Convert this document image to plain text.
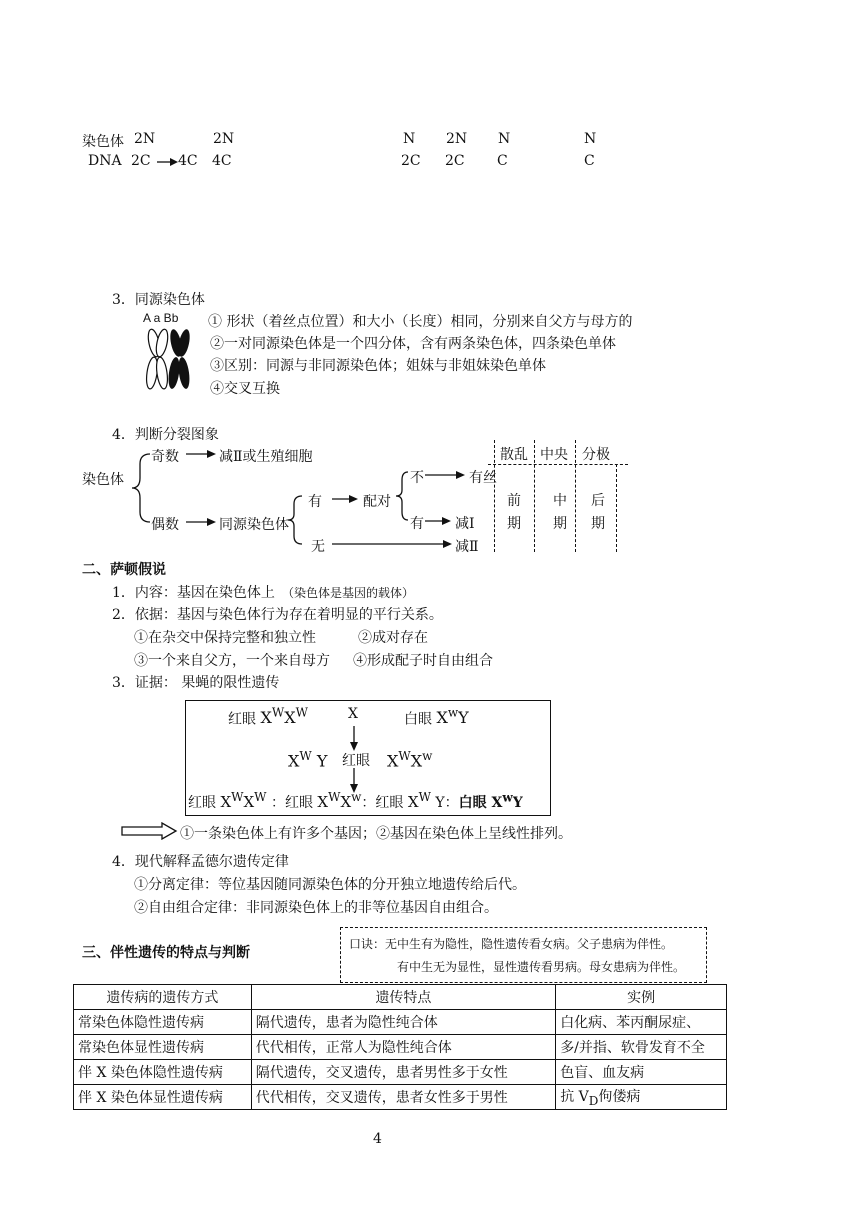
染色体 2N	2N	N 2N N	N
DNA 2C 4C 4C	2C 2C C	C
3．同源染色体
A a Bb ① 形状（着丝点位置）和大小（长度）相同，分别来自父方与母方的
②一对同源染色体是一个四分体，含有两条染色体，四条染色单体
③区别：同源与非同源染色体；姐妹与非姐妹染色单体
④交叉互换
4．判断分裂图象
染色体
奇数	减Ⅱ或生殖细胞
偶数	同源染色体
有	配对
不	有丝
有 减Ⅰ
无	减Ⅱ
散乱 中央 分极
前
期
中
期
后
期
二、萨顿假说
1．内容：基因在染色体上 （染色体是基因的载体）
2．依据：基因与染色体行为存在着明显的平行关系。
①在杂交中保持完整和独立性	②成对存在
③一个来自父方，一个来自母方 ④形成配子时自由组合
3．证据： 果蝇的限性遗传
红眼 $X^WX^W$	X	白眼 $X^wY$
$X^W$ Y 红眼 $X^WX^w$
红眼 $X^WX^W$ ：红眼 $X^WX^w$：红眼 $X^W$ Y：白眼 $X^wY$
①一条染色体上有许多个基因；②基因在染色体上呈线性排列。
4．现代解释孟德尔遗传定律
①分离定律：等位基因随同源染色体的分开独立地遗传给后代。
②自由组合定律：非同源染色体上的非等位基因自由组合。
三、伴性遗传的特点与判断
口诀：无中生有为隐性，隐性遗传看女病。父子患病为伴性。
有中生无为显性，显性遗传看男病。母女患病为伴性。
遗传病的遗传方式	遗传特点	实例
常染色体隐性遗传病	隔代遗传，患者为隐性纯合体	白化病、苯丙酮尿症、
常染色体显性遗传病	代代相传，正常人为隐性纯合体	多/并指、软骨发育不全
伴 X 染色体隐性遗传病	隔代遗传，交叉遗传，患者男性多于女性	色盲、血友病
伴 X 染色体显性遗传病	代代相传，交叉遗传，患者女性多于男性	抗 $V_D$佝偻病
4
